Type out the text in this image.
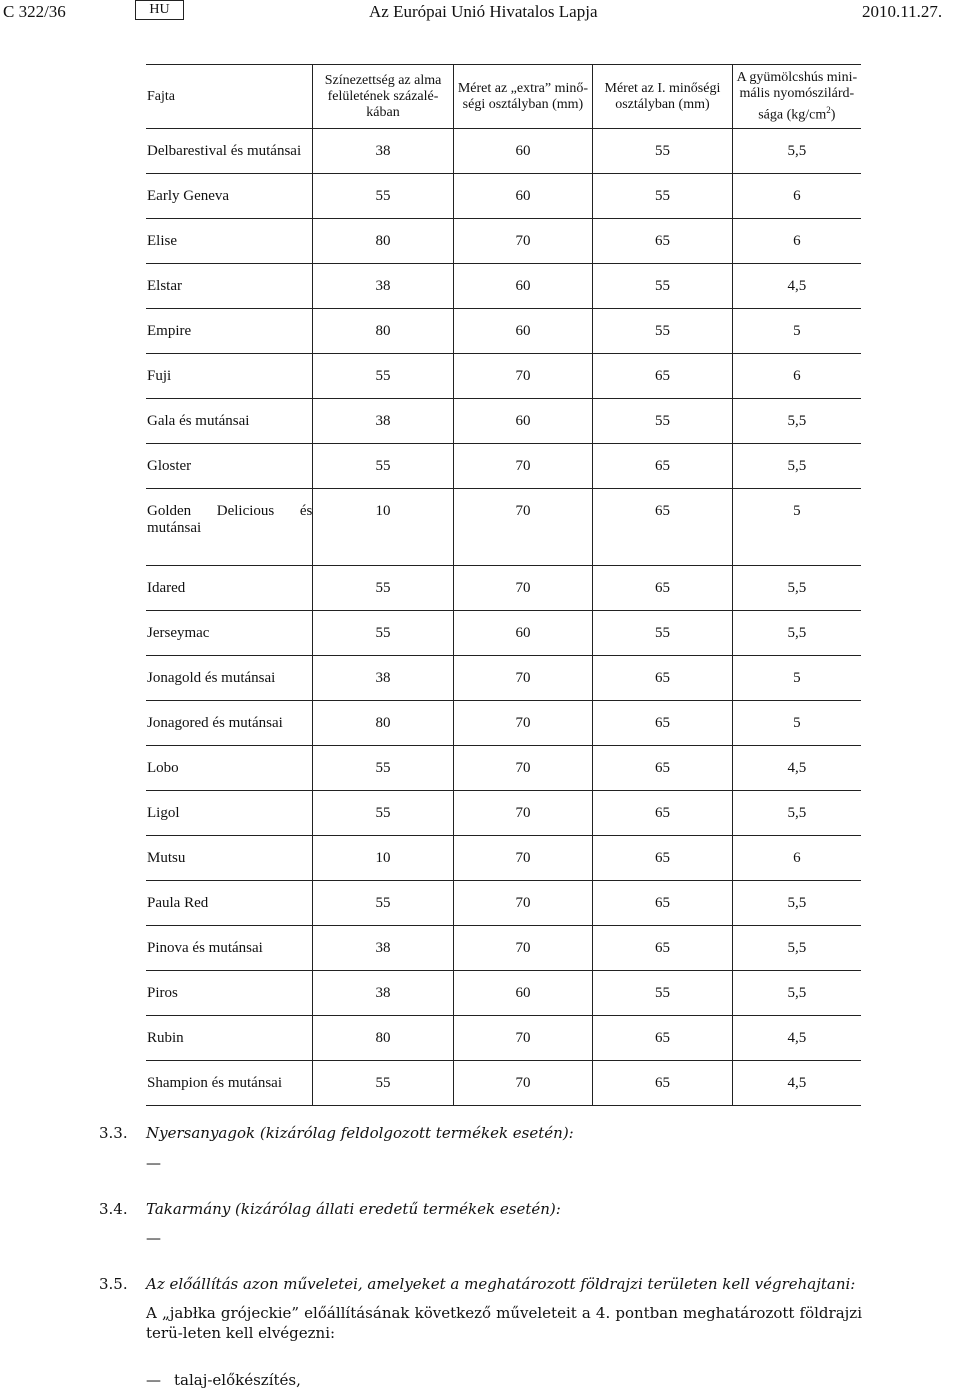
C 322/36	HU	Az Európai Unió Hivatalos Lapja	2010.11.27.
Fajta	Színezettség az alma felületének százalé-kában	Méret az „extra” minő-ségi osztályban (mm)	Méret az I. minőségi osztályban (mm)	A gyümölcshús mini-mális nyomószilárd-sága $(kg/cm^2)$
Delbarestival és mutánsai	38	60	55	5,5
Early Geneva	55	60	55	6
Elise	80	70	65	6
Elstar	38	60	55	4,5
Empire	80	60	55	5
Fuji	55	70	65	6
Gala és mutánsai	38	60	55	5,5
Gloster	55	70	65	5,5

Golden Delicious és
mutánsai	10	70	65	5
Idared	55	70	65	5,5
Jerseymac	55	60	55	5,5
Jonagold és mutánsai	38	70	65	5
Jonagored és mutánsai	80	70	65	5
Lobo	55	70	65	4,5
Ligol	55	70	65	5,5
Mutsu	10	70	65	6
Paula Red	55	70	65	5,5
Pinova és mutánsai	38	70	65	5,5
Piros	38	60	55	5,5
Rubin	80	70	65	4,5
Shampion és mutánsai	55	70	65	4,5
3.3. Nyersanyagok (kizárólag feldolgozott termékek esetén):
—
3.4. Takarmány (kizárólag állati eredetű termékek esetén):
—
3.5. Az előállítás azon műveletei, amelyeket a meghatározott földrajzi területen kell végrehajtani:
A „jabłka grójeckie” előállításának következő műveleteit a 4. pontban meghatározott földrajzi terü-leten kell elvégezni:
— talaj-előkészítés,
